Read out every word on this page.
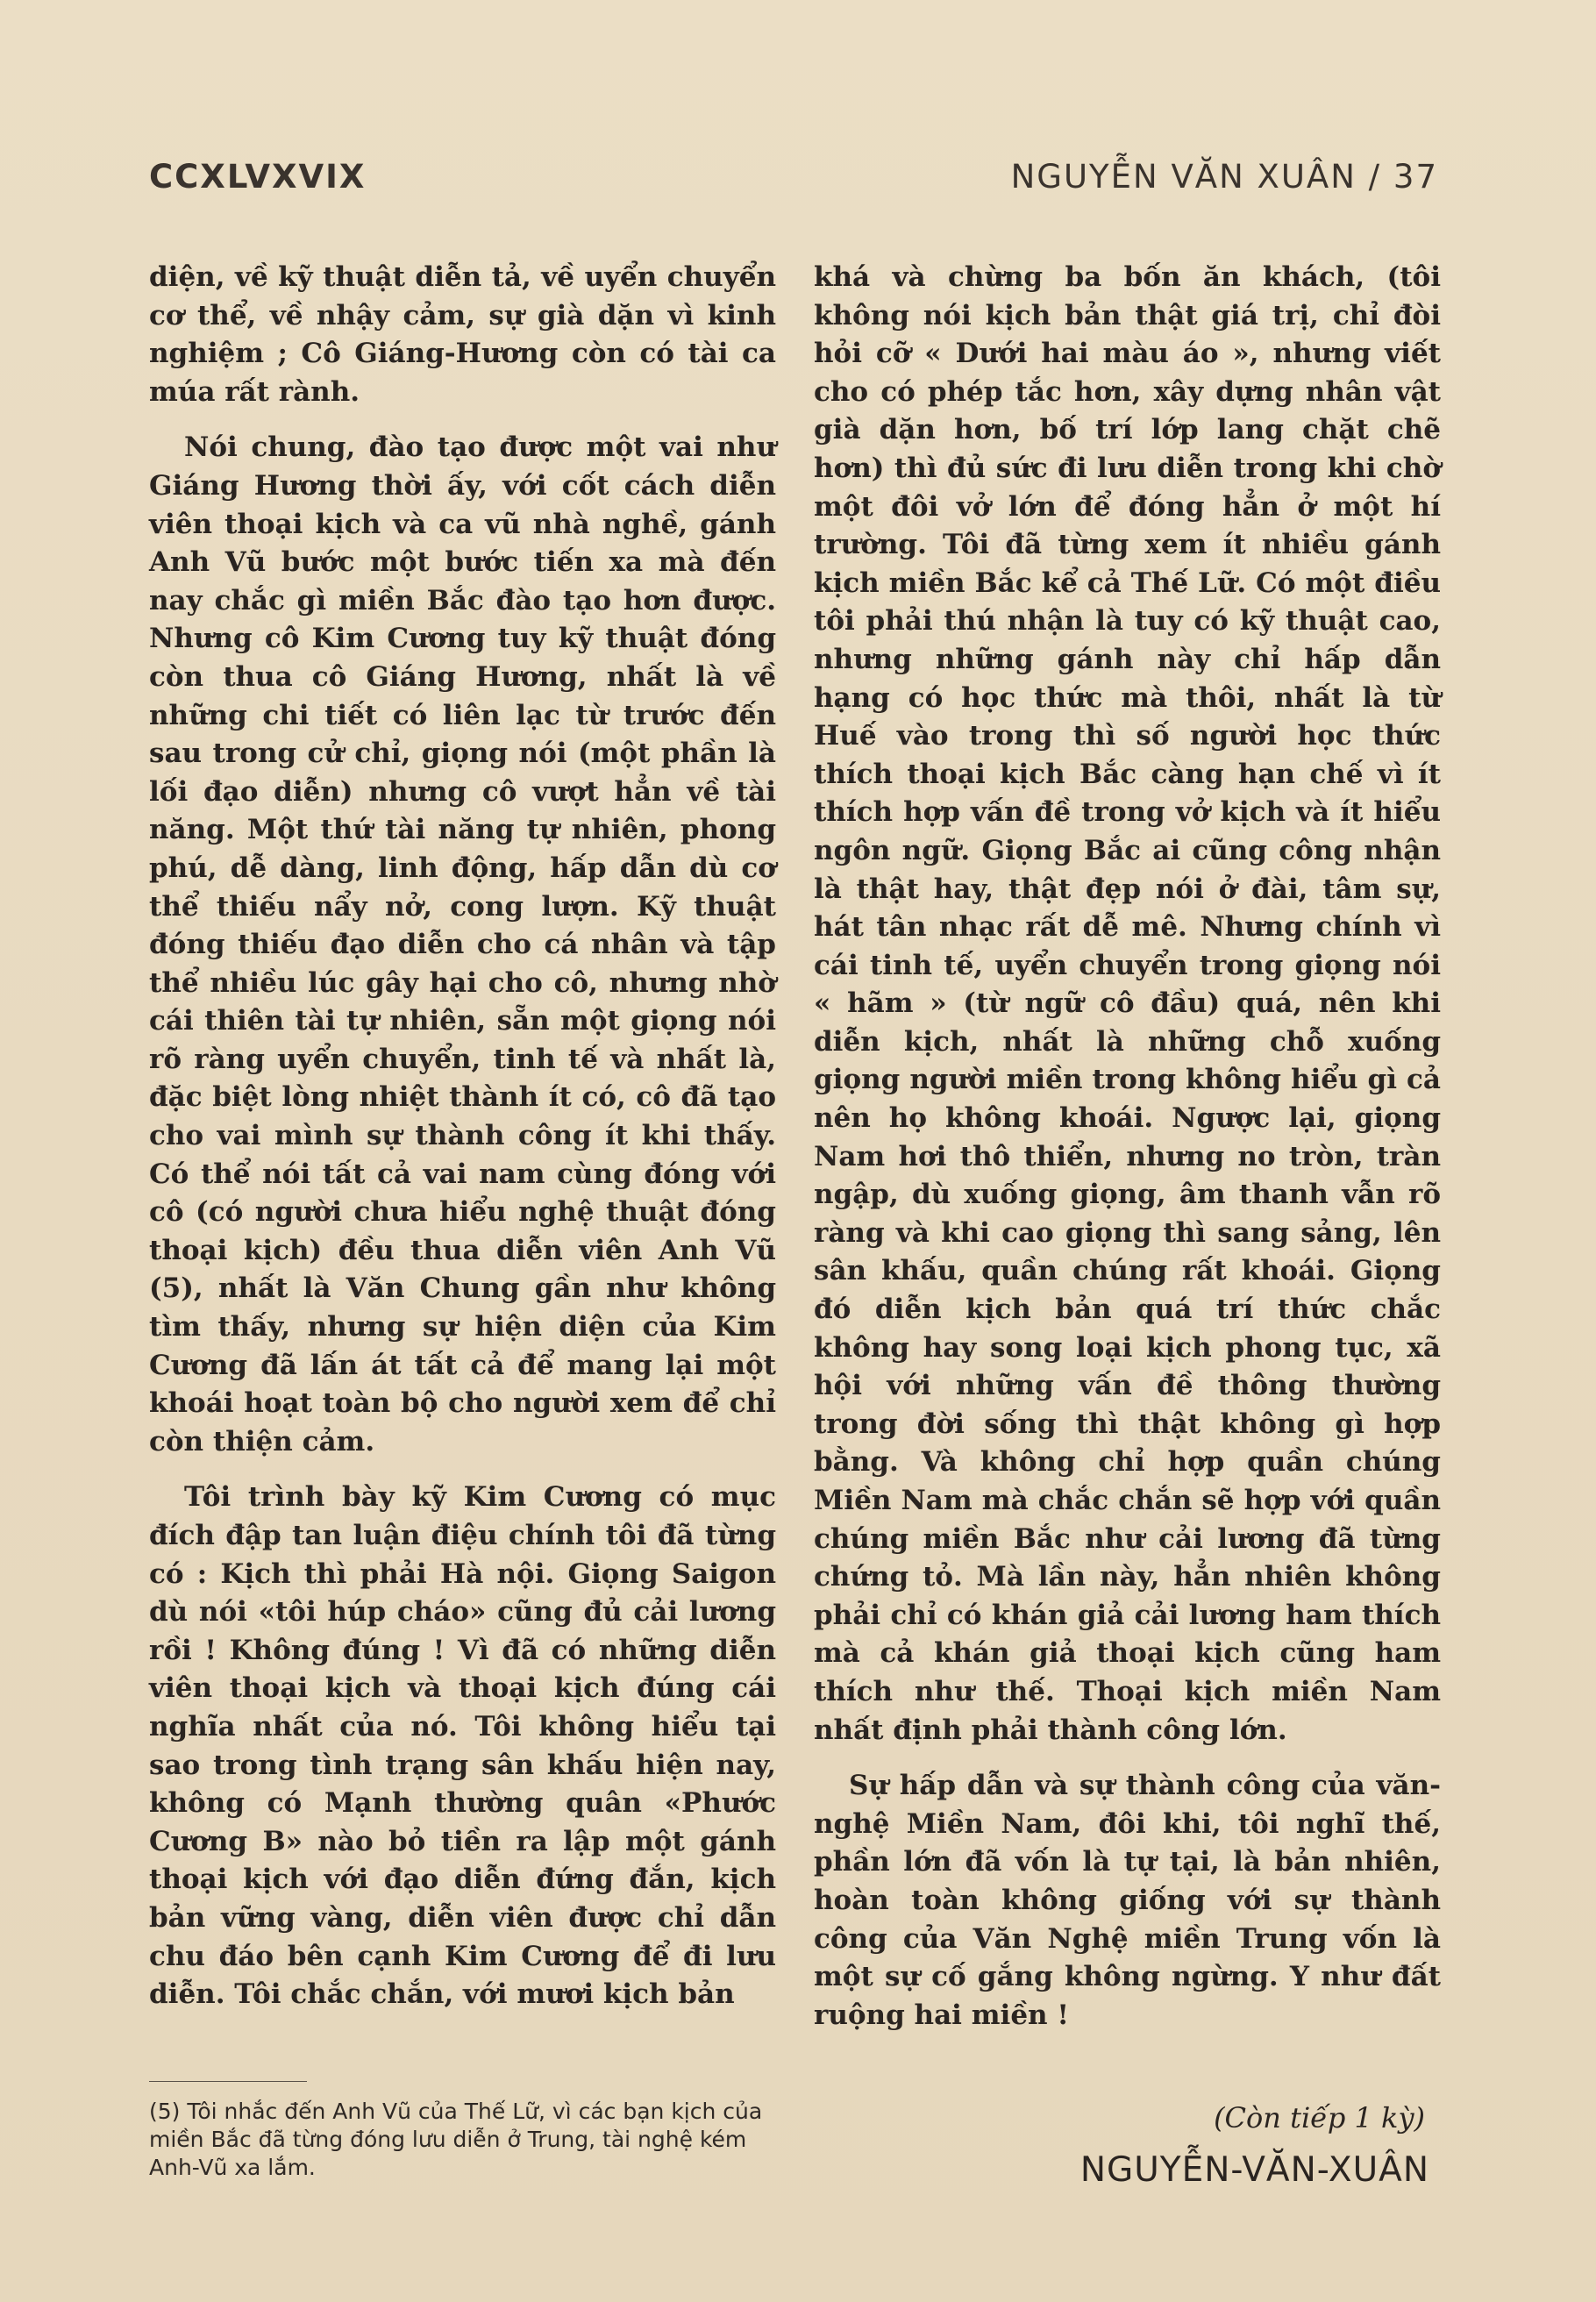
CCXLVXVIX	NGUYỄN VĂN XUÂN / 37

diện, về kỹ thuật diễn tả, về uyển chuyển cơ thể, về nhậy cảm, sự già dặn vì kinh nghiệm ; Cô Giáng-Hương còn có tài ca múa rất rành.

Nói chung, đào tạo được một vai như Giáng Hương thời ấy, với cốt cách diễn viên thoại kịch và ca vũ nhà nghề, gánh Anh Vũ bước một bước tiến xa mà đến nay chắc gì miền Bắc đào tạo hơn được. Nhưng cô Kim Cương tuy kỹ thuật đóng còn thua cô Giáng Hương, nhất là về những chi tiết có liên lạc từ trước đến sau trong cử chỉ, giọng nói (một phần là lối đạo diễn) nhưng cô vượt hẳn về tài năng. Một thứ tài năng tự nhiên, phong phú, dễ dàng, linh động, hấp dẫn dù cơ thể thiếu nẩy nở, cong lượn. Kỹ thuật đóng thiếu đạo diễn cho cá nhân và tập thể nhiều lúc gây hại cho cô, nhưng nhờ cái thiên tài tự nhiên, sẵn một giọng nói rõ ràng uyển chuyển, tinh tế và nhất là, đặc biệt lòng nhiệt thành ít có, cô đã tạo cho vai mình sự thành công ít khi thấy. Có thể nói tất cả vai nam cùng đóng với cô (có người chưa hiểu nghệ thuật đóng thoại kịch) đều thua diễn viên Anh Vũ (5), nhất là Văn Chung gần như không tìm thấy, nhưng sự hiện diện của Kim Cương đã lấn át tất cả để mang lại một khoái hoạt toàn bộ cho người xem để chỉ còn thiện cảm.

Tôi trình bày kỹ Kim Cương có mục đích đập tan luận điệu chính tôi đã từng có : Kịch thì phải Hà nội. Giọng Saigon dù nói «tôi húp cháo» cũng đủ cải lương rồi ! Không đúng ! Vì đã có những diễn viên thoại kịch và thoại kịch đúng cái nghĩa nhất của nó. Tôi không hiểu tại sao trong tình trạng sân khấu hiện nay, không có Mạnh thường quân «Phước Cương B» nào bỏ tiền ra lập một gánh thoại kịch với đạo diễn đứng đắn, kịch bản vững vàng, diễn viên được chỉ dẫn chu đáo bên cạnh Kim Cương để đi lưu diễn. Tôi chắc chắn, với mươi kịch bản

khá và chừng ba bốn ăn khách, (tôi không nói kịch bản thật giá trị, chỉ đòi hỏi cỡ « Dưới hai màu áo », nhưng viết cho có phép tắc hơn, xây dựng nhân vật già dặn hơn, bố trí lớp lang chặt chẽ hơn) thì đủ sức đi lưu diễn trong khi chờ một đôi vở lớn để đóng hẳn ở một hí trường. Tôi đã từng xem ít nhiều gánh kịch miền Bắc kể cả Thế Lữ. Có một điều tôi phải thú nhận là tuy có kỹ thuật cao, nhưng những gánh này chỉ hấp dẫn hạng có học thức mà thôi, nhất là từ Huế vào trong thì số người học thức thích thoại kịch Bắc càng hạn chế vì ít thích hợp vấn đề trong vở kịch và ít hiểu ngôn ngữ. Giọng Bắc ai cũng công nhận là thật hay, thật đẹp nói ở đài, tâm sự, hát tân nhạc rất dễ mê. Nhưng chính vì cái tinh tế, uyển chuyển trong giọng nói « hãm » (từ ngữ cô đầu) quá, nên khi diễn kịch, nhất là những chỗ xuống giọng người miền trong không hiểu gì cả nên họ không khoái. Ngược lại, giọng Nam hơi thô thiển, nhưng no tròn, tràn ngập, dù xuống giọng, âm thanh vẫn rõ ràng và khi cao giọng thì sang sảng, lên sân khấu, quần chúng rất khoái. Giọng đó diễn kịch bản quá trí thức chắc không hay song loại kịch phong tục, xã hội với những vấn đề thông thường trong đời sống thì thật không gì hợp bằng. Và không chỉ hợp quần chúng Miền Nam mà chắc chắn sẽ hợp với quần chúng miền Bắc như cải lương đã từng chứng tỏ. Mà lần này, hẳn nhiên không phải chỉ có khán giả cải lương ham thích mà cả khán giả thoại kịch cũng ham thích như thế. Thoại kịch miền Nam nhất định phải thành công lớn.

Sự hấp dẫn và sự thành công của văn-nghệ Miền Nam, đôi khi, tôi nghĩ thế, phần lớn đã vốn là tự tại, là bản nhiên, hoàn toàn không giống với sự thành công của Văn Nghệ miền Trung vốn là một sự cố gắng không ngừng. Y như đất ruộng hai miền !

(5) Tôi nhắc đến Anh Vũ của Thế Lữ, vì các bạn kịch của miền Bắc đã từng đóng lưu diễn ở Trung, tài nghệ kém Anh-Vũ xa lắm.
(Còn tiếp 1 kỳ)
NGUYỄN-VĂN-XUÂN
